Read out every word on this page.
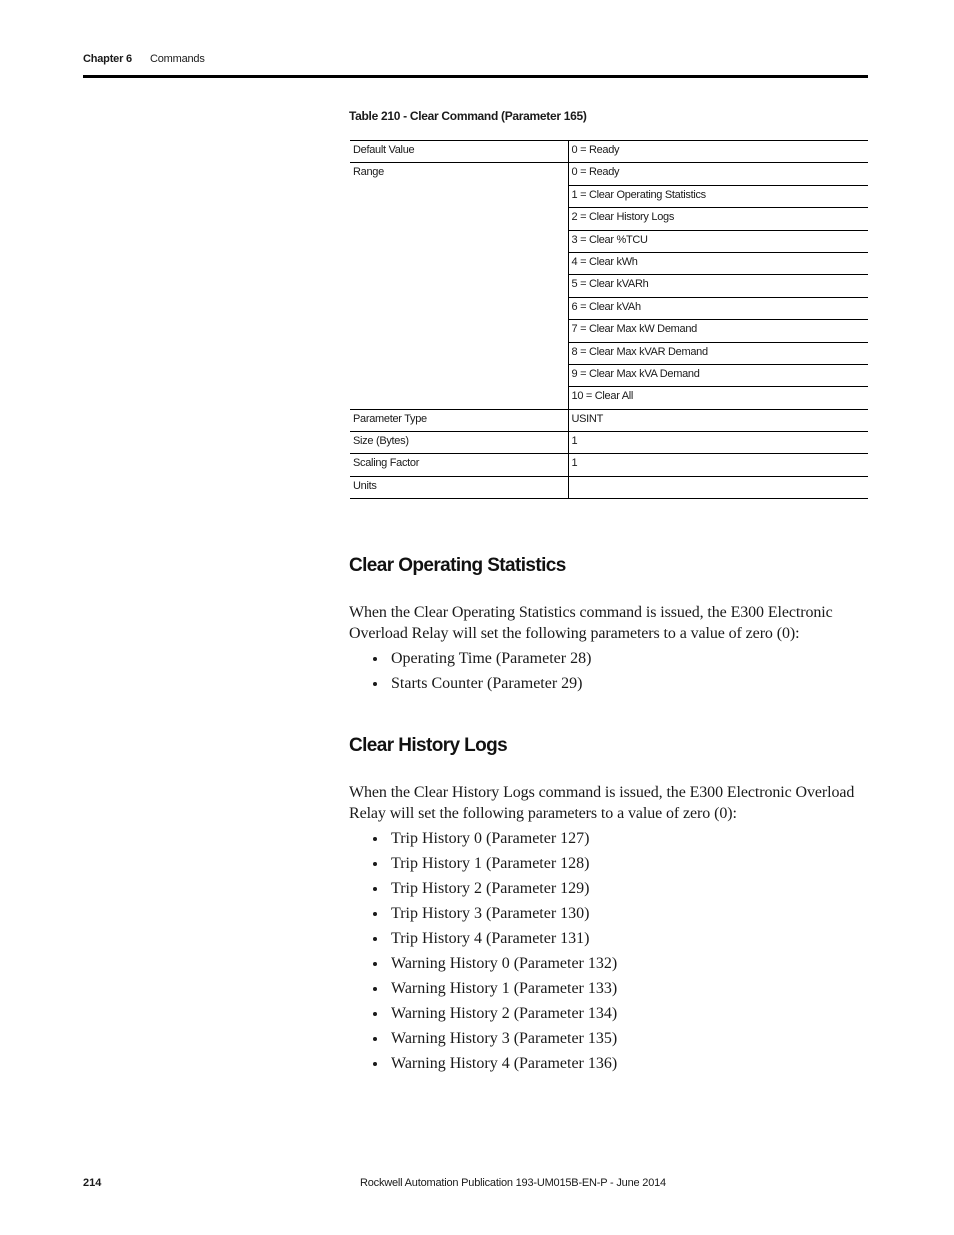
Chapter 6 Commands
Table 210 - Clear Command (Parameter 165)
Default Value	0 = Ready
Range	0 = Ready
	1 = Clear Operating Statistics
	2 = Clear History Logs
	3 = Clear %TCU
	4 = Clear kWh
	5 = Clear kVARh
	6 = Clear kVAh
	7 = Clear Max kW Demand
	8 = Clear Max kVAR Demand
	9 = Clear Max kVA Demand
	10 = Clear All
Parameter Type	USINT
Size (Bytes)	1
Scaling Factor	1
Units	
Clear Operating Statistics

When the Clear Operating Statistics command is issued, the E300 Electronic Overload Relay will set the following parameters to a value of zero (0):

Operating Time (Parameter 28)
Starts Counter (Parameter 29)
Clear History Logs

When the Clear History Logs command is issued, the E300 Electronic Overload Relay will set the following parameters to a value of zero (0):

Trip History 0 (Parameter 127)
Trip History 1 (Parameter 128)
Trip History 2 (Parameter 129)
Trip History 3 (Parameter 130)
Trip History 4 (Parameter 131)
Warning History 0 (Parameter 132)
Warning History 1 (Parameter 133)
Warning History 2 (Parameter 134)
Warning History 3 (Parameter 135)
Warning History 4 (Parameter 136)
214	Rockwell Automation Publication 193-UM015B-EN-P - June 2014
